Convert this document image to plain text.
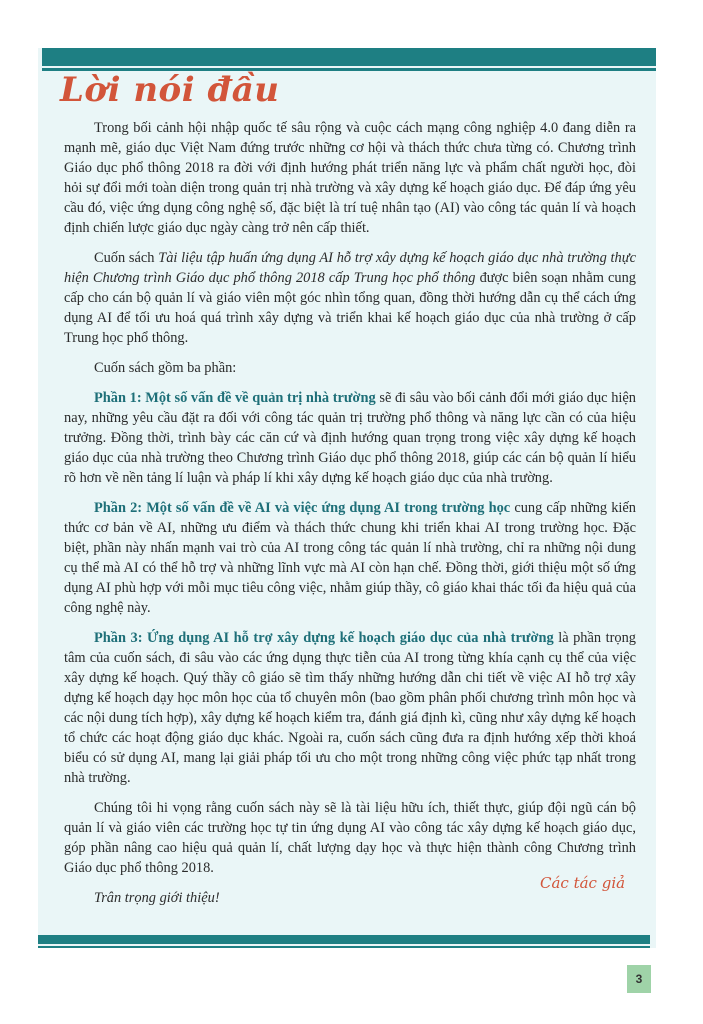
Lời nói đầu

Trong bối cảnh hội nhập quốc tế sâu rộng và cuộc cách mạng công nghiệp 4.0 đang diễn ra mạnh mẽ, giáo dục Việt Nam đứng trước những cơ hội và thách thức chưa từng có. Chương trình Giáo dục phổ thông 2018 ra đời với định hướng phát triển năng lực và phẩm chất người học, đòi hỏi sự đổi mới toàn diện trong quản trị nhà trường và xây dựng kế hoạch giáo dục. Để đáp ứng yêu cầu đó, việc ứng dụng công nghệ số, đặc biệt là trí tuệ nhân tạo (AI) vào công tác quản lí và hoạch định chiến lược giáo dục ngày càng trở nên cấp thiết.

Cuốn sách Tài liệu tập huấn ứng dụng AI hỗ trợ xây dựng kế hoạch giáo dục nhà trường thực hiện Chương trình Giáo dục phổ thông 2018 cấp Trung học phổ thông được biên soạn nhằm cung cấp cho cán bộ quản lí và giáo viên một góc nhìn tổng quan, đồng thời hướng dẫn cụ thể cách ứng dụng AI để tối ưu hoá quá trình xây dựng và triển khai kế hoạch giáo dục của nhà trường ở cấp Trung học phổ thông.

Cuốn sách gồm ba phần:

Phần 1: Một số vấn đề về quản trị nhà trường sẽ đi sâu vào bối cảnh đổi mới giáo dục hiện nay, những yêu cầu đặt ra đối với công tác quản trị trường phổ thông và năng lực cần có của hiệu trưởng. Đồng thời, trình bày các căn cứ và định hướng quan trọng trong việc xây dựng kế hoạch giáo dục của nhà trường theo Chương trình Giáo dục phổ thông 2018, giúp các cán bộ quản lí hiểu rõ hơn về nền tảng lí luận và pháp lí khi xây dựng kế hoạch giáo dục của nhà trường.

Phần 2: Một số vấn đề về AI và việc ứng dụng AI trong trường học cung cấp những kiến thức cơ bản về AI, những ưu điểm và thách thức chung khi triển khai AI trong trường học. Đặc biệt, phần này nhấn mạnh vai trò của AI trong công tác quản lí nhà trường, chỉ ra những nội dung cụ thể mà AI có thể hỗ trợ và những lĩnh vực mà AI còn hạn chế. Đồng thời, giới thiệu một số ứng dụng AI phù hợp với mỗi mục tiêu công việc, nhằm giúp thầy, cô giáo khai thác tối đa hiệu quả của công nghệ này.

Phần 3: Ứng dụng AI hỗ trợ xây dựng kế hoạch giáo dục của nhà trường là phần trọng tâm của cuốn sách, đi sâu vào các ứng dụng thực tiễn của AI trong từng khía cạnh cụ thể của việc xây dựng kế hoạch. Quý thầy cô giáo sẽ tìm thấy những hướng dẫn chi tiết về việc AI hỗ trợ xây dựng kế hoạch dạy học môn học của tổ chuyên môn (bao gồm phân phối chương trình môn học và các nội dung tích hợp), xây dựng kế hoạch kiểm tra, đánh giá định kì, cũng như xây dựng kế hoạch tổ chức các hoạt động giáo dục khác. Ngoài ra, cuốn sách cũng đưa ra định hướng xếp thời khoá biểu có sử dụng AI, mang lại giải pháp tối ưu cho một trong những công việc phức tạp nhất trong nhà trường.

Chúng tôi hi vọng rằng cuốn sách này sẽ là tài liệu hữu ích, thiết thực, giúp đội ngũ cán bộ quản lí và giáo viên các trường học tự tin ứng dụng AI vào công tác xây dựng kế hoạch giáo dục, góp phần nâng cao hiệu quả quản lí, chất lượng dạy học và thực hiện thành công Chương trình Giáo dục phổ thông 2018.

Trân trọng giới thiệu!

Các tác giả
3
